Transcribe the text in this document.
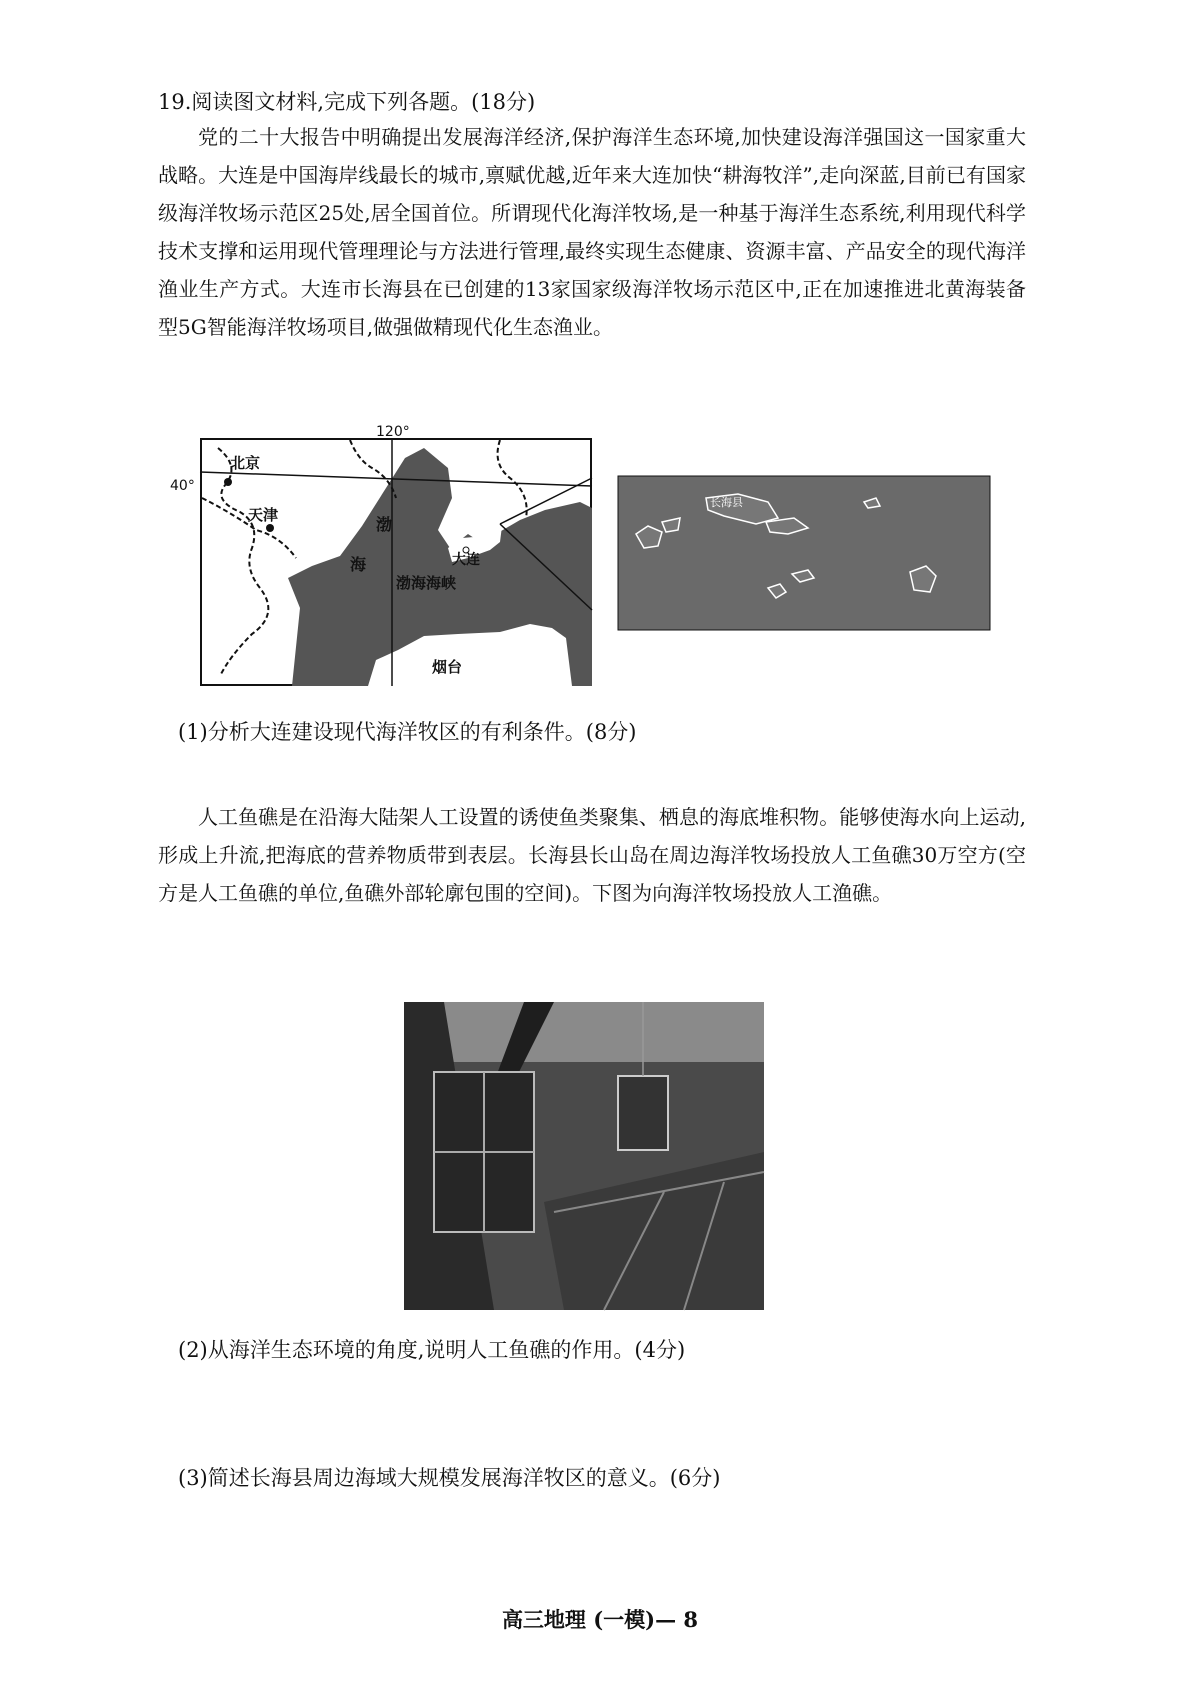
19.阅读图文材料,完成下列各题。(18分)
党的二十大报告中明确提出发展海洋经济,保护海洋生态环境,加快建设海洋强国这一国家重大战略。大连是中国海岸线最长的城市,禀赋优越,近年来大连加快“耕海牧洋”,走向深蓝,目前已有国家级海洋牧场示范区25处,居全国首位。所谓现代化海洋牧场,是一种基于海洋生态系统,利用现代科学技术支撑和运用现代管理理论与方法进行管理,最终实现生态健康、资源丰富、产品安全的现代海洋渔业生产方式。大连市长海县在已创建的13家国家级海洋牧场示范区中,正在加速推进北黄海装备型5G智能海洋牧场项目,做强做精现代化生态渔业。
120°
北京
天津	渤
海	大连
渤海海峡
烟台
40°
长海县
(1)分析大连建设现代海洋牧区的有利条件。(8分)
人工鱼礁是在沿海大陆架人工设置的诱使鱼类聚集、栖息的海底堆积物。能够使海水向上运动,形成上升流,把海底的营养物质带到表层。长海县长山岛在周边海洋牧场投放人工鱼礁30万空方(空方是人工鱼礁的单位,鱼礁外部轮廓包围的空间)。下图为向海洋牧场投放人工渔礁。
(2)从海洋生态环境的角度,说明人工鱼礁的作用。(4分)
(3)简述长海县周边海域大规模发展海洋牧区的意义。(6分)
高三地理 (一模)— 8
